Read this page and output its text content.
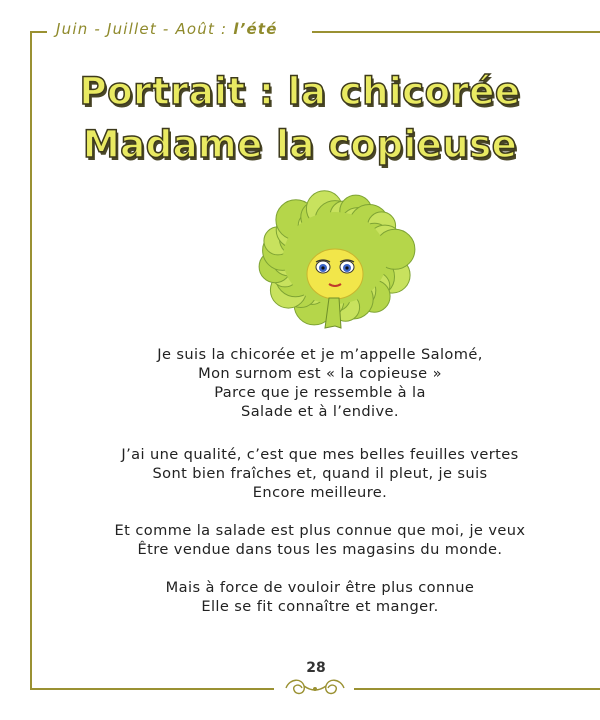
Juin - Juillet - Août : l’été
Portrait : la chicorée
Madame la copieuse
Je suis la chicorée et je m’appelle Salomé,
Mon surnom est « la copieuse »
Parce que je ressemble à la
Salade et à l’endive.
J’ai une qualité, c’est que mes belles feuilles vertes
Sont bien fraîches et, quand il pleut, je suis
Encore meilleure.
Et comme la salade est plus connue que moi, je veux
Être vendue dans tous les magasins du monde.
Mais à force de vouloir être plus connue
Elle se fit connaître et manger.
28
